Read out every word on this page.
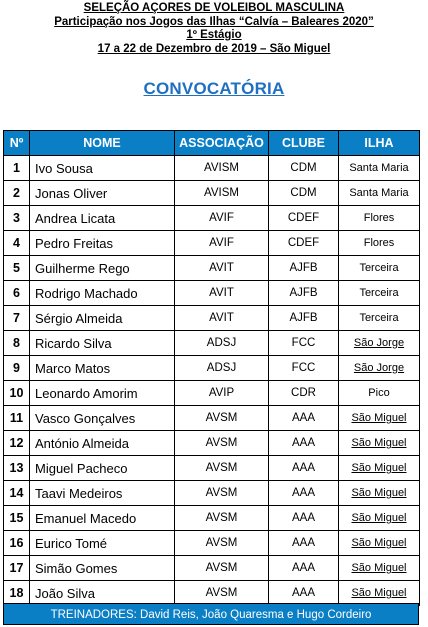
SELEÇÃO AÇORES DE VOLEIBOL MASCULINA
Participação nos Jogos das Ilhas “Calvía – Baleares 2020”
1º Estágio
17 a 22 de Dezembro de 2019 – São Miguel
CONVOCATÓRIA
Nº	NOME	ASSOCIAÇÃO	CLUBE	ILHA
1	Ivo Sousa	AVISM	CDM	Santa Maria
2	Jonas Oliver	AVISM	CDM	Santa Maria
3	Andrea Licata	AVIF	CDEF	Flores
4	Pedro Freitas	AVIF	CDEF	Flores
5	Guilherme Rego	AVIT	AJFB	Terceira
6	Rodrigo Machado	AVIT	AJFB	Terceira
7	Sérgio Almeida	AVIT	AJFB	Terceira
8	Ricardo Silva	ADSJ	FCC	São Jorge
9	Marco Matos	ADSJ	FCC	São Jorge
10	Leonardo Amorim	AVIP	CDR	Pico
11	Vasco Gonçalves	AVSM	AAA	São Miguel
12	António Almeida	AVSM	AAA	São Miguel
13	Miguel Pacheco	AVSM	AAA	São Miguel
14	Taavi Medeiros	AVSM	AAA	São Miguel
15	Emanuel Macedo	AVSM	AAA	São Miguel
16	Eurico Tomé	AVSM	AAA	São Miguel
17	Simão Gomes	AVSM	AAA	São Miguel
18	João Silva	AVSM	AAA	São Miguel
TREINADORES: David Reis, João Quaresma e Hugo Cordeiro
